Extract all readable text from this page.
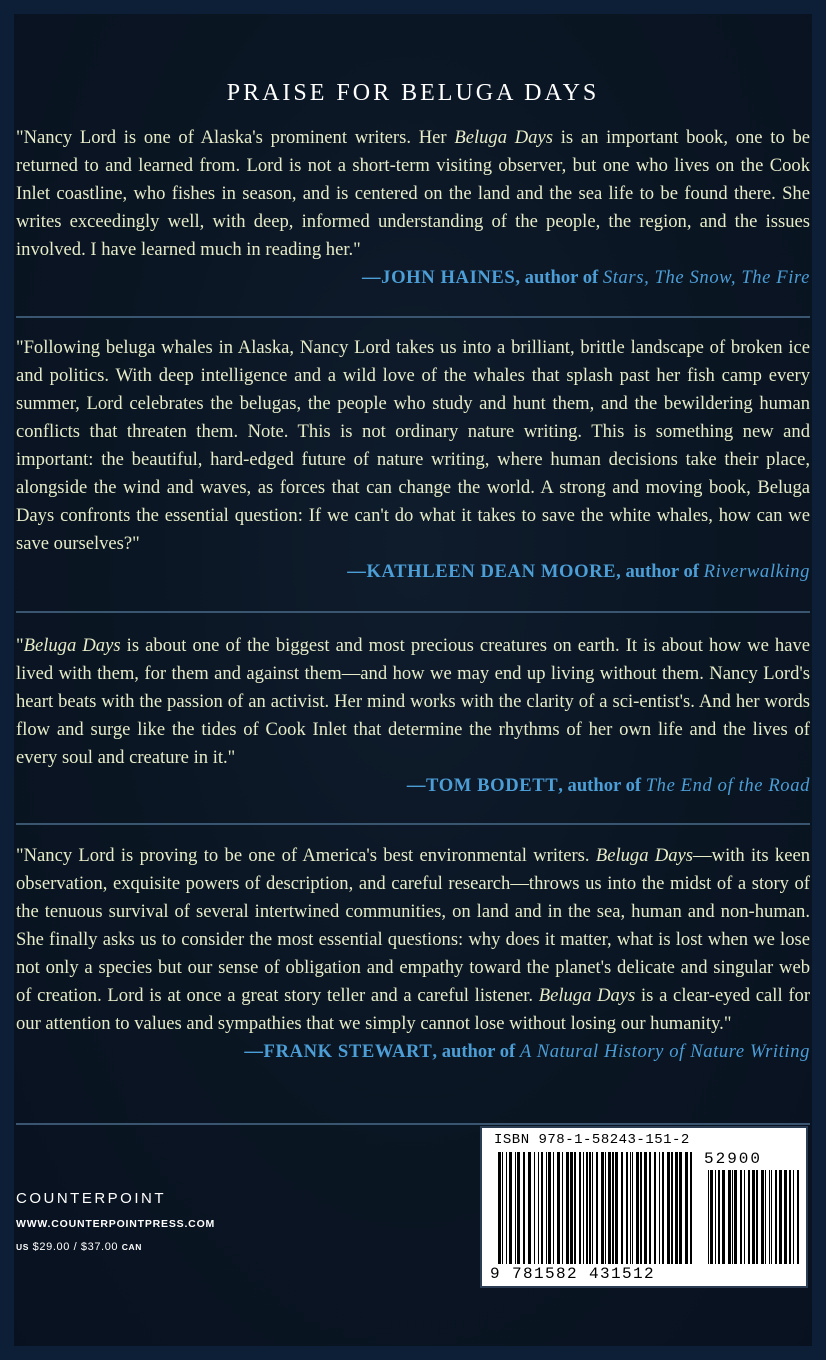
PRAISE FOR BELUGA DAYS

"Nancy Lord is one of Alaska's prominent writers. Her Beluga Days is an important book, one to be returned to and learned from. Lord is not a short-term visiting observer, but one who lives on the Cook Inlet coastline, who fishes in season, and is centered on the land and the sea life to be found there. She writes exceedingly well, with deep, informed understanding of the people, the region, and the issues involved. I have learned much in reading her."

—JOHN HAINES, author of Stars, The Snow, The Fire

"Following beluga whales in Alaska, Nancy Lord takes us into a brilliant, brittle landscape of broken ice and politics. With deep intelligence and a wild love of the whales that splash past her fish camp every summer, Lord celebrates the belugas, the people who study and hunt them, and the bewildering human conflicts that threaten them. Note. This is not ordinary nature writing. This is something new and important: the beautiful, hard-edged future of nature writing, where human decisions take their place, alongside the wind and waves, as forces that can change the world. A strong and moving book, Beluga Days confronts the essential question: If we can't do what it takes to save the white whales, how can we save ourselves?"

—KATHLEEN DEAN MOORE, author of Riverwalking

"Beluga Days is about one of the biggest and most precious creatures on earth. It is about how we have lived with them, for them and against them—and how we may end up living without them. Nancy Lord's heart beats with the passion of an activist. Her mind works with the clarity of a sci-entist's. And her words flow and surge like the tides of Cook Inlet that determine the rhythms of her own life and the lives of every soul and creature in it."

—TOM BODETT, author of The End of the Road

"Nancy Lord is proving to be one of America's best environmental writers. Beluga Days—with its keen observation, exquisite powers of description, and careful research—throws us into the midst of a story of the tenuous survival of several intertwined communities, on land and in the sea, human and non-human. She finally asks us to consider the most essential questions: why does it matter, what is lost when we lose not only a species but our sense of obligation and empathy toward the planet's delicate and singular web of creation. Lord is at once a great story teller and a careful listener. Beluga Days is a clear-eyed call for our attention to values and sympathies that we simply cannot lose without losing our humanity."

—FRANK STEWART, author of A Natural History of Nature Writing

COUNTERPOINT
WWW.COUNTERPOINTPRESS.COM
US $29.00 / $37.00 CAN
ISBN 978-1-58243-151-2
52900
9 781582 431512
